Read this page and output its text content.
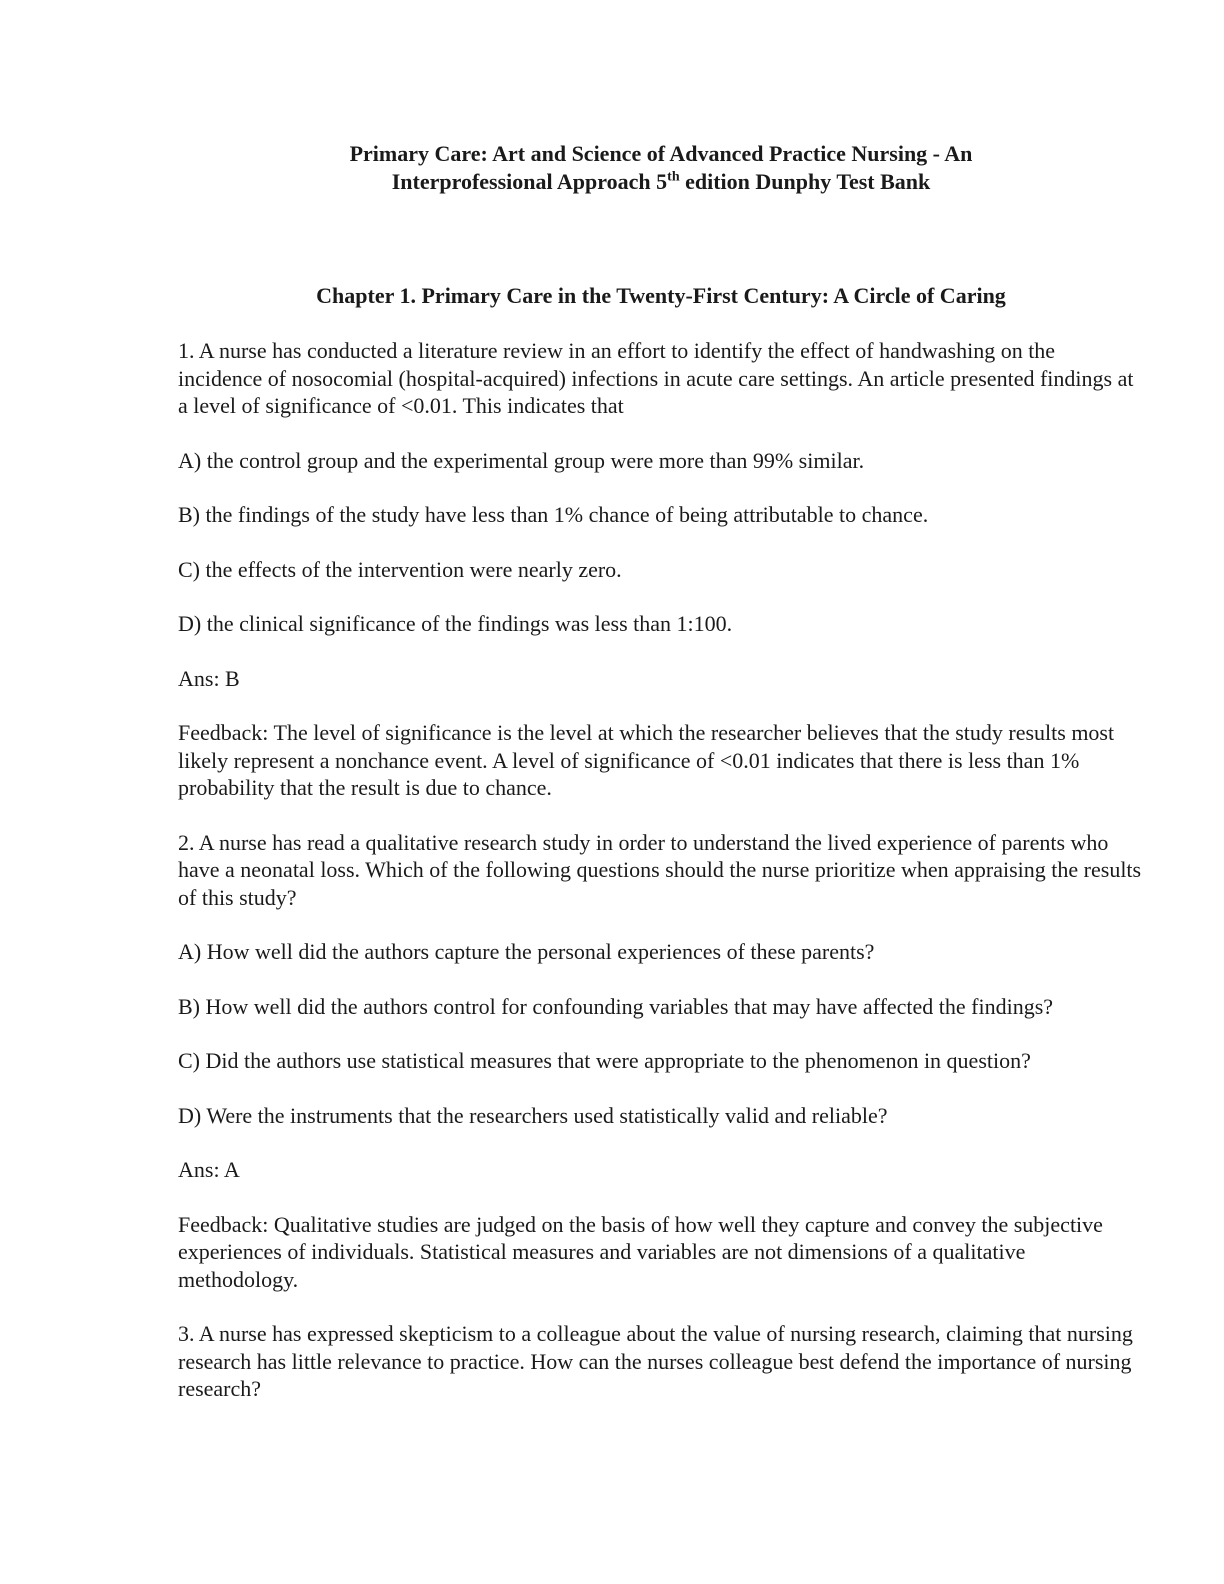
Primary Care: Art and Science of Advanced Practice Nursing - An
Interprofessional Approach 5th edition Dunphy Test Bank
Chapter 1. Primary Care in the Twenty-First Century: A Circle of Caring

1. A nurse has conducted a literature review in an effort to identify the effect of handwashing on the incidence of nosocomial (hospital-acquired) infections in acute care settings. An article presented findings at a level of significance of <0.01. This indicates that

A) the control group and the experimental group were more than 99% similar.

B) the findings of the study have less than 1% chance of being attributable to chance.

C) the effects of the intervention were nearly zero.

D) the clinical significance of the findings was less than 1:100.

Ans: B

Feedback: The level of significance is the level at which the researcher believes that the study results most likely represent a nonchance event. A level of significance of <0.01 indicates that there is less than 1% probability that the result is due to chance.

2. A nurse has read a qualitative research study in order to understand the lived experience of parents who have a neonatal loss. Which of the following questions should the nurse prioritize when appraising the results of this study?

A) How well did the authors capture the personal experiences of these parents?

B) How well did the authors control for confounding variables that may have affected the findings?

C) Did the authors use statistical measures that were appropriate to the phenomenon in question?

D) Were the instruments that the researchers used statistically valid and reliable?

Ans: A

Feedback: Qualitative studies are judged on the basis of how well they capture and convey the subjective experiences of individuals. Statistical measures and variables are not dimensions of a qualitative methodology.

3. A nurse has expressed skepticism to a colleague about the value of nursing research, claiming that nursing research has little relevance to practice. How can the nurses colleague best defend the importance of nursing research?
